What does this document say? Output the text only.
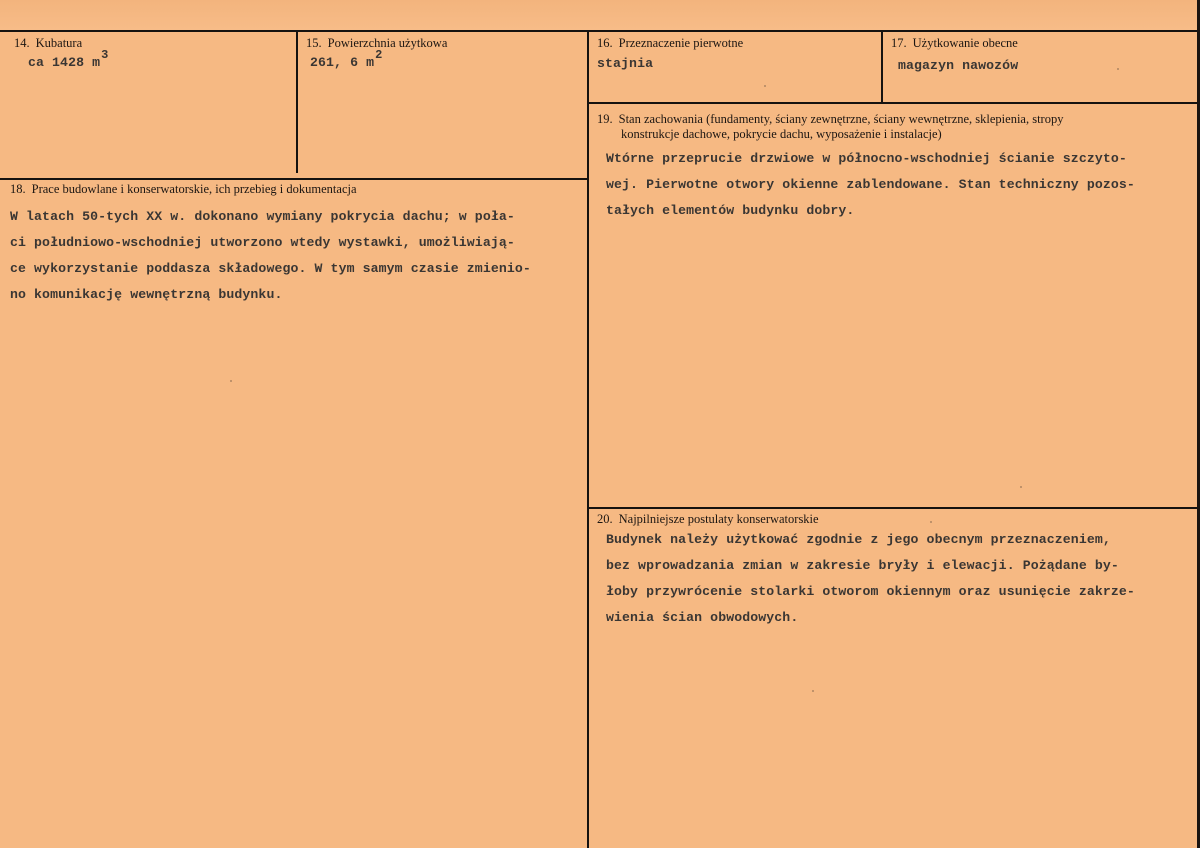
14. Kubatura
ca 1428 m3
15. Powierzchnia użytkowa
261, 6 m2
16. Przeznaczenie pierwotne
stajnia
17. Użytkowanie obecne
magazyn nawozów
18. Prace budowlane i konserwatorskie, ich przebieg i dokumentacja
W latach 50-tych XX w. dokonano wymiany pokrycia dachu; w poła-
ci południowo-wschodniej utworzono wtedy wystawki, umożliwiają-
ce wykorzystanie poddasza składowego. W tym samym czasie zmienio-
no komunikację wewnętrzną budynku.
19. Stan zachowania (fundamenty, ściany zewnętrzne, ściany wewnętrzne, sklepienia, stropy
konstrukcje dachowe, pokrycie dachu, wyposażenie i instalacje)
Wtórne przeprucie drzwiowe w północno-wschodniej ścianie szczyto-
wej. Pierwotne otwory okienne zablendowane. Stan techniczny pozos-
tałych elementów budynku dobry.
20. Najpilniejsze postulaty konserwatorskie
Budynek należy użytkować zgodnie z jego obecnym przeznaczeniem,
bez wprowadzania zmian w zakresie bryły i elewacji. Pożądane by-
łoby przywrócenie stolarki otworom okiennym oraz usunięcie zakrze-
wienia ścian obwodowych.
